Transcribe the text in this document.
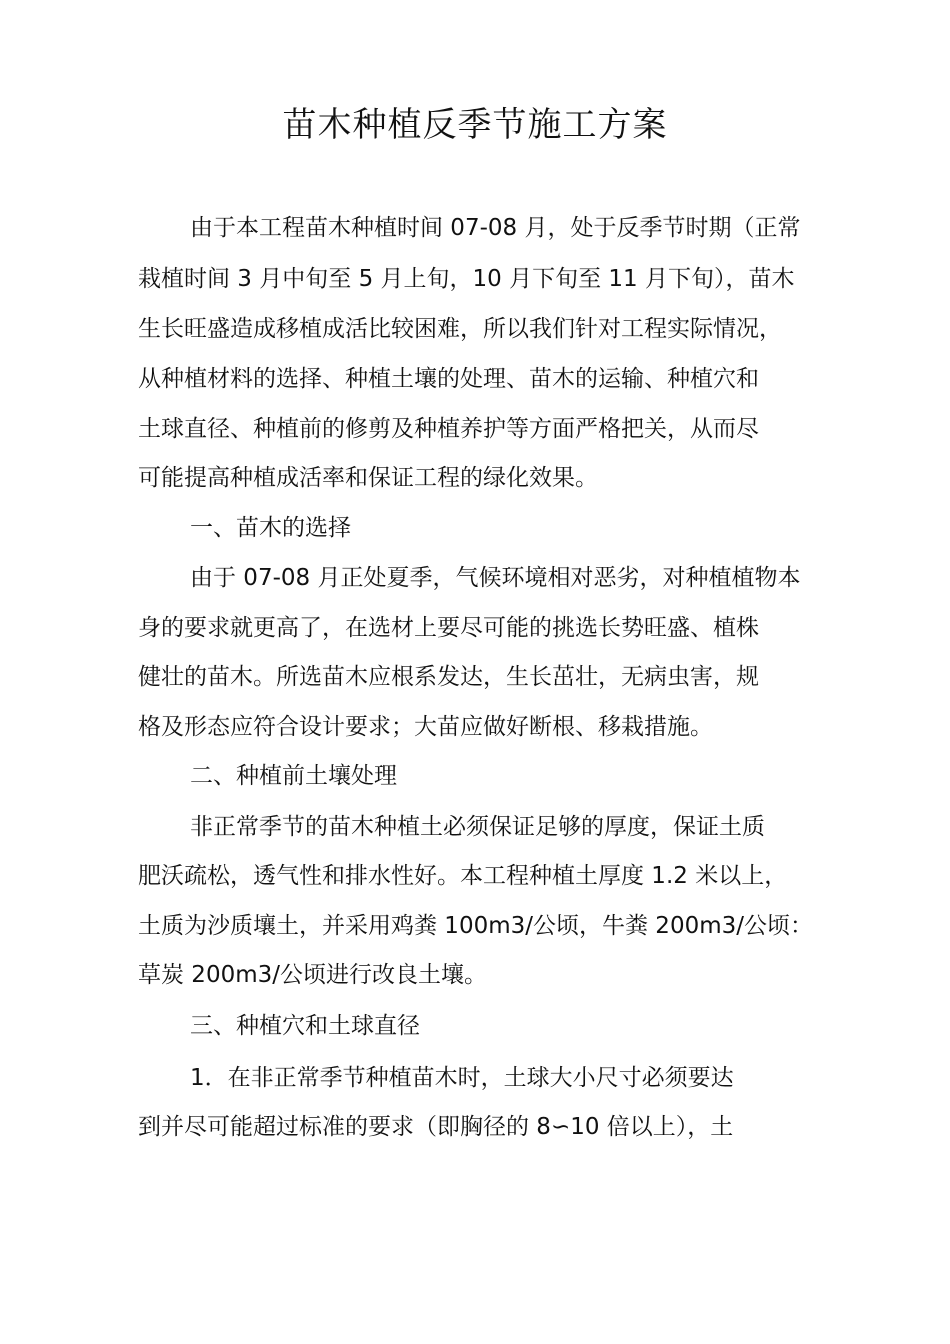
苗木种植反季节施工方案

由于本工程苗木种植时间 07-08 月，处于反季节时期（正常

栽植时间 3 月中旬至 5 月上旬，10 月下旬至 11 月下旬），苗木

生长旺盛造成移植成活比较困难，所以我们针对工程实际情况，

从种植材料的选择、种植土壤的处理、苗木的运输、种植穴和

土球直径、种植前的修剪及种植养护等方面严格把关，从而尽

可能提高种植成活率和保证工程的绿化效果。

一、苗木的选择

由于 07-08 月正处夏季，气候环境相对恶劣，对种植植物本

身的要求就更高了，在选材上要尽可能的挑选长势旺盛、植株

健壮的苗木。所选苗木应根系发达，生长茁壮，无病虫害，规

格及形态应符合设计要求；大苗应做好断根、移栽措施。

二、种植前土壤处理

非正常季节的苗木种植土必须保证足够的厚度，保证土质

肥沃疏松，透气性和排水性好。本工程种植土厚度 1.2 米以上，

土质为沙质壤土，并采用鸡粪 100m3/公顷，牛粪 200m3/公顷：

草炭 200m3/公顷进行改良土壤。

三、种植穴和土球直径

1．在非正常季节种植苗木时，土球大小尺寸必须要达

到并尽可能超过标准的要求（即胸径的 8∽10 倍以上），土
